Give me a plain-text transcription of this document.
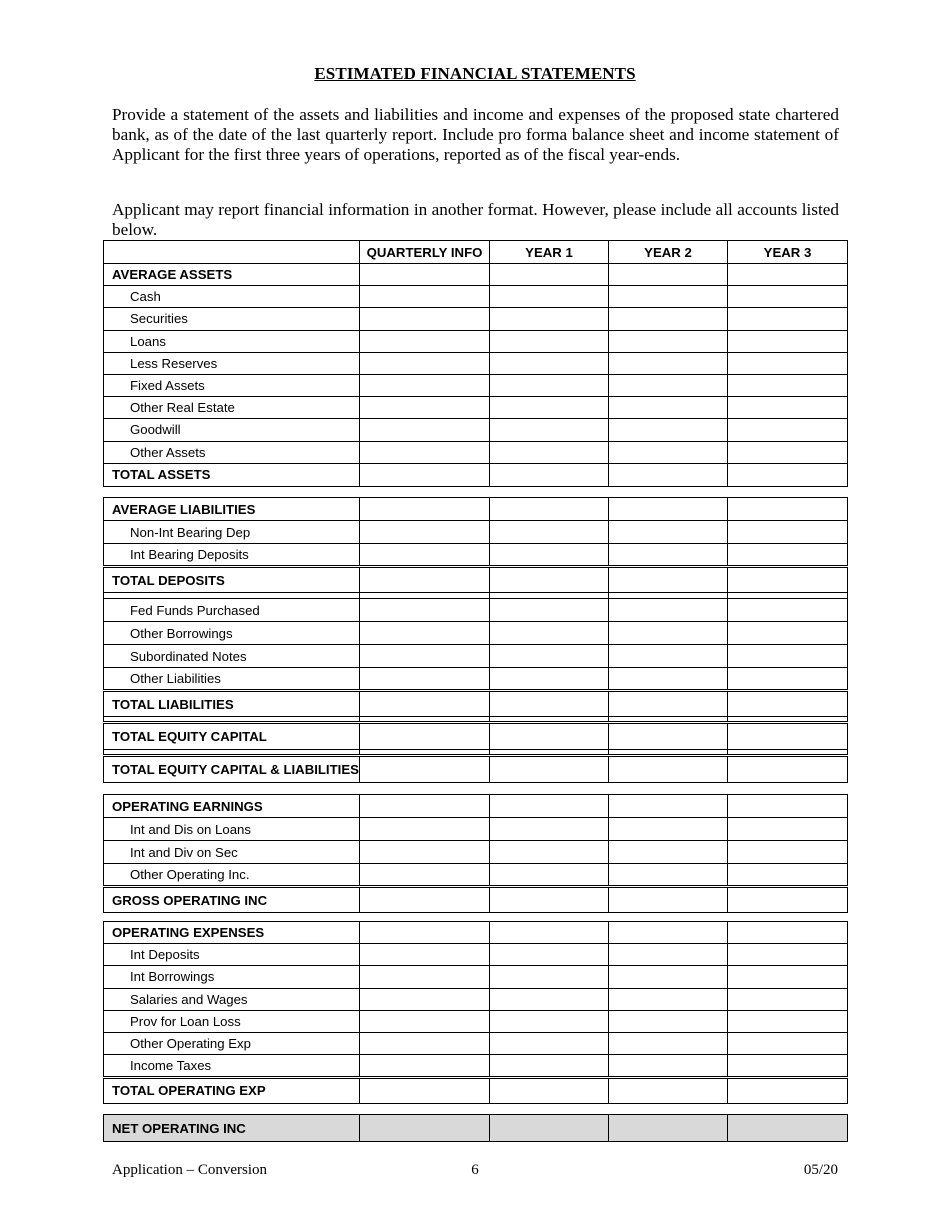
ESTIMATED FINANCIAL STATEMENTS

Provide a statement of the assets and liabilities and income and expenses of the proposed state chartered bank, as of the date of the last quarterly report. Include pro forma balance sheet and income statement of Applicant for the first three years of operations, reported as of the fiscal year-ends.

Applicant may report financial information in another format. However, please include all accounts listed below.

	QUARTERLY INFO	YEAR 1	YEAR 2	YEAR 3
AVERAGE ASSETS				
Cash				
Securities				
Loans				
Less Reserves				
Fixed Assets				
Other Real Estate				
Goodwill				
Other Assets				
TOTAL ASSETS				
AVERAGE LIABILITIES				
Non-Int Bearing Dep				
Int Bearing Deposits				
TOTAL DEPOSITS				

Fed Funds Purchased				
Other Borrowings				
Subordinated Notes				
Other Liabilities				
TOTAL LIABILITIES				

TOTAL EQUITY CAPITAL				

TOTAL EQUITY CAPITAL & LIABILITIES				
OPERATING EARNINGS				
Int and Dis on Loans				
Int and Div on Sec				
Other Operating Inc.				
GROSS OPERATING INC				
OPERATING EXPENSES				
Int Deposits				
Int Borrowings				
Salaries and Wages				
Prov for Loan Loss				
Other Operating Exp				
Income Taxes				
TOTAL OPERATING EXP				
NET OPERATING INC				
Application – Conversion	6	05/20
